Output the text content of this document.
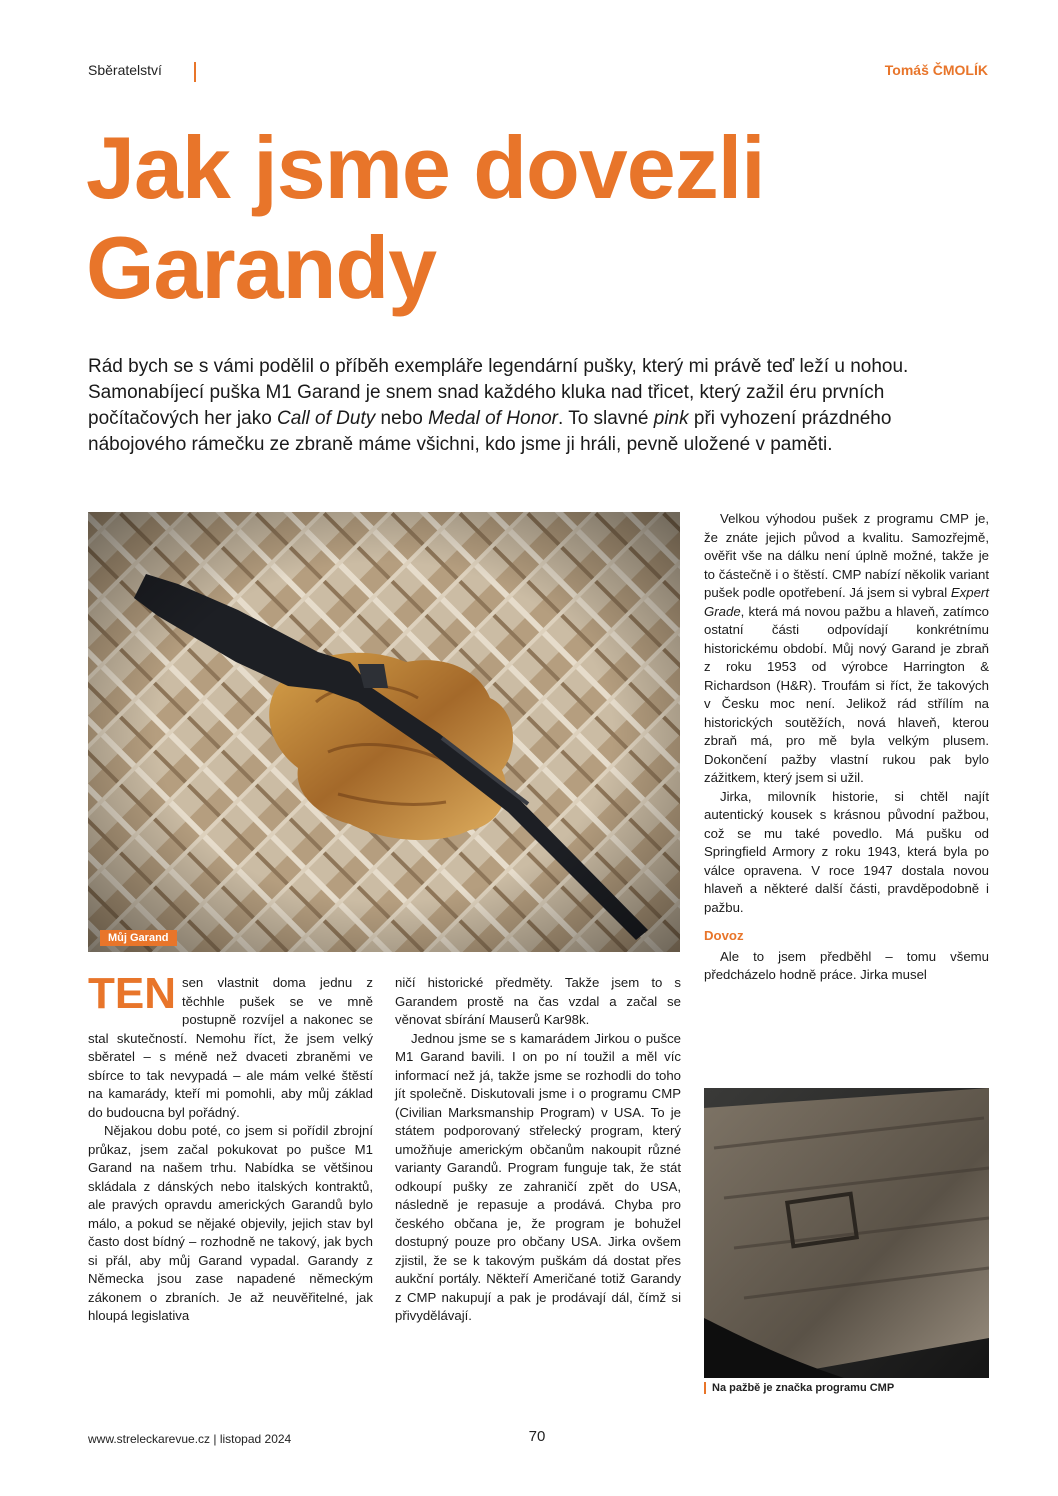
Sběratelství	Tomáš ČMOLÍK
Jak jsme dovezli Garandy

Rád bych se s vámi podělil o příběh exempláře legendární pušky, který mi právě teď leží u nohou. Samonabíjecí puška M1 Garand je snem snad každého kluka nad třicet, který zažil éru prvních počítačových her jako Call of Duty nebo Medal of Honor. To slavné pink při vyhození prázdného nábojového rámečku ze zbraně máme všichni, kdo jsme ji hráli, pevně uložené v paměti.

Můj Garand

TEN sen vlastnit doma jednu z těchhle pušek se ve mně postupně rozvíjel a nakonec se stal skutečností. Nemohu říct, že jsem velký sběratel – s méně než dvaceti zbraněmi ve sbírce to tak nevypadá – ale mám velké štěstí na kamarády, kteří mi pomohli, aby můj základ do budoucna byl pořádný.

Nějakou dobu poté, co jsem si pořídil zbrojní průkaz, jsem začal pokukovat po pušce M1 Garand na našem trhu. Nabídka se většinou skládala z dánských nebo italských kontraktů, ale pravých opravdu amerických Garandů bylo málo, a pokud se nějaké objevily, jejich stav byl často dost bídný – rozhodně ne takový, jak bych si přál, aby můj Garand vypadal. Garandy z Německa jsou zase napadené německým zákonem o zbraních. Je až neuvěřitelné, jak hloupá legislativa

ničí historické předměty. Takže jsem to s Garandem prostě na čas vzdal a začal se věnovat sbírání Mauserů Kar98k.

Jednou jsme se s kamarádem Jirkou o pušce M1 Garand bavili. I on po ní toužil a měl víc informací než já, takže jsme se rozhodli do toho jít společně. Diskutovali jsme i o programu CMP (Civilian Marksmanship Program) v USA. To je státem podporovaný střelecký program, který umožňuje americkým občanům nakoupit různé varianty Garandů. Program funguje tak, že stát odkoupí pušky ze zahraničí zpět do USA, následně je repasuje a prodává. Chyba pro českého občana je, že program je bohužel dostupný pouze pro občany USA. Jirka ovšem zjistil, že se k takovým puškám dá dostat přes aukční portály. Někteří Američané totiž Garandy z CMP nakupují a pak je prodávají dál, čímž si přivydělávají.

Velkou výhodou pušek z programu CMP je, že znáte jejich původ a kvalitu. Samozřejmě, ověřit vše na dálku není úplně možné, takže je to částečně i o štěstí. CMP nabízí několik variant pušek podle opotřebení. Já jsem si vybral Expert Grade, která má novou pažbu a hlaveň, zatímco ostatní části odpovídají konkrétnímu historickému období. Můj nový Garand je zbraň z roku 1953 od výrobce Harrington & Richardson (H&R). Troufám si říct, že takových v Česku moc není. Jelikož rád střílím na historických soutěžích, nová hlaveň, kterou zbraň má, pro mě byla velkým plusem. Dokončení pažby vlastní rukou pak bylo zážitkem, který jsem si užil.

Jirka, milovník historie, si chtěl najít autentický kousek s krásnou původní pažbou, což se mu také povedlo. Má pušku od Springfield Armory z roku 1943, která byla po válce opravena. V roce 1947 dostala novou hlaveň a některé další části, pravděpodobně i pažbu.

Dovoz

Ale to jsem předběhl – tomu všemu předcházelo hodně práce. Jirka musel

Na pažbě je značka programu CMP
www.streleckarevue.cz | listopad 2024	70
